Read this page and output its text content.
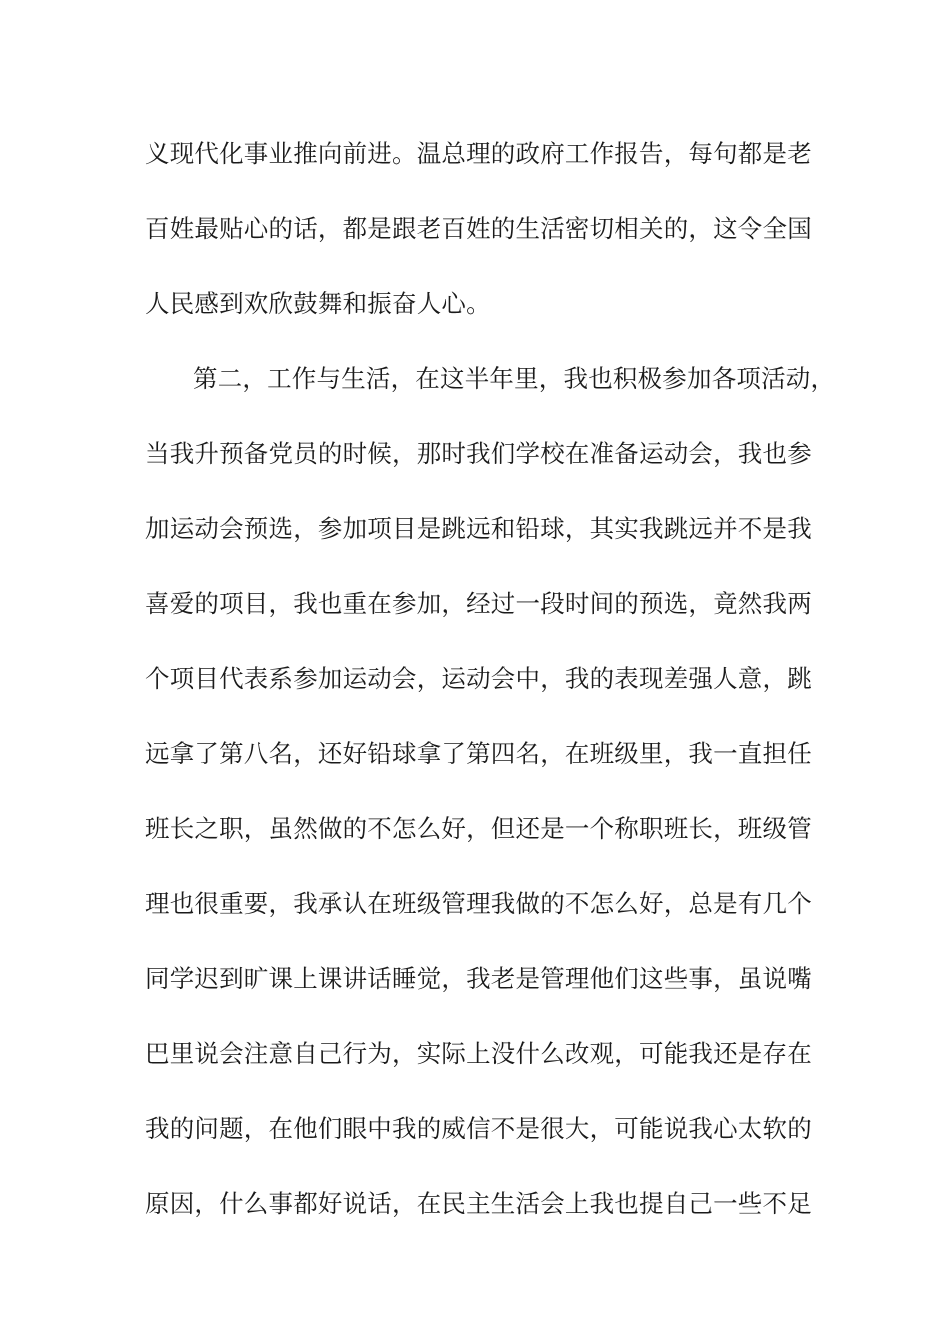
义现代化事业推向前进。温总理的政府工作报告，每句都是老
百姓最贴心的话，都是跟老百姓的生活密切相关的，这令全国
人民感到欢欣鼓舞和振奋人心。
第二，工作与生活，在这半年里，我也积极参加各项活动，
当我升预备党员的时候，那时我们学校在准备运动会，我也参
加运动会预选，参加项目是跳远和铅球，其实我跳远并不是我
喜爱的项目，我也重在参加，经过一段时间的预选，竟然我两
个项目代表系参加运动会，运动会中，我的表现差强人意，跳
远拿了第八名，还好铅球拿了第四名，在班级里，我一直担任
班长之职，虽然做的不怎么好，但还是一个称职班长，班级管
理也很重要，我承认在班级管理我做的不怎么好，总是有几个
同学迟到旷课上课讲话睡觉，我老是管理他们这些事，虽说嘴
巴里说会注意自己行为，实际上没什么改观，可能我还是存在
我的问题，在他们眼中我的威信不是很大，可能说我心太软的
原因，什么事都好说话，在民主生活会上我也提自己一些不足
